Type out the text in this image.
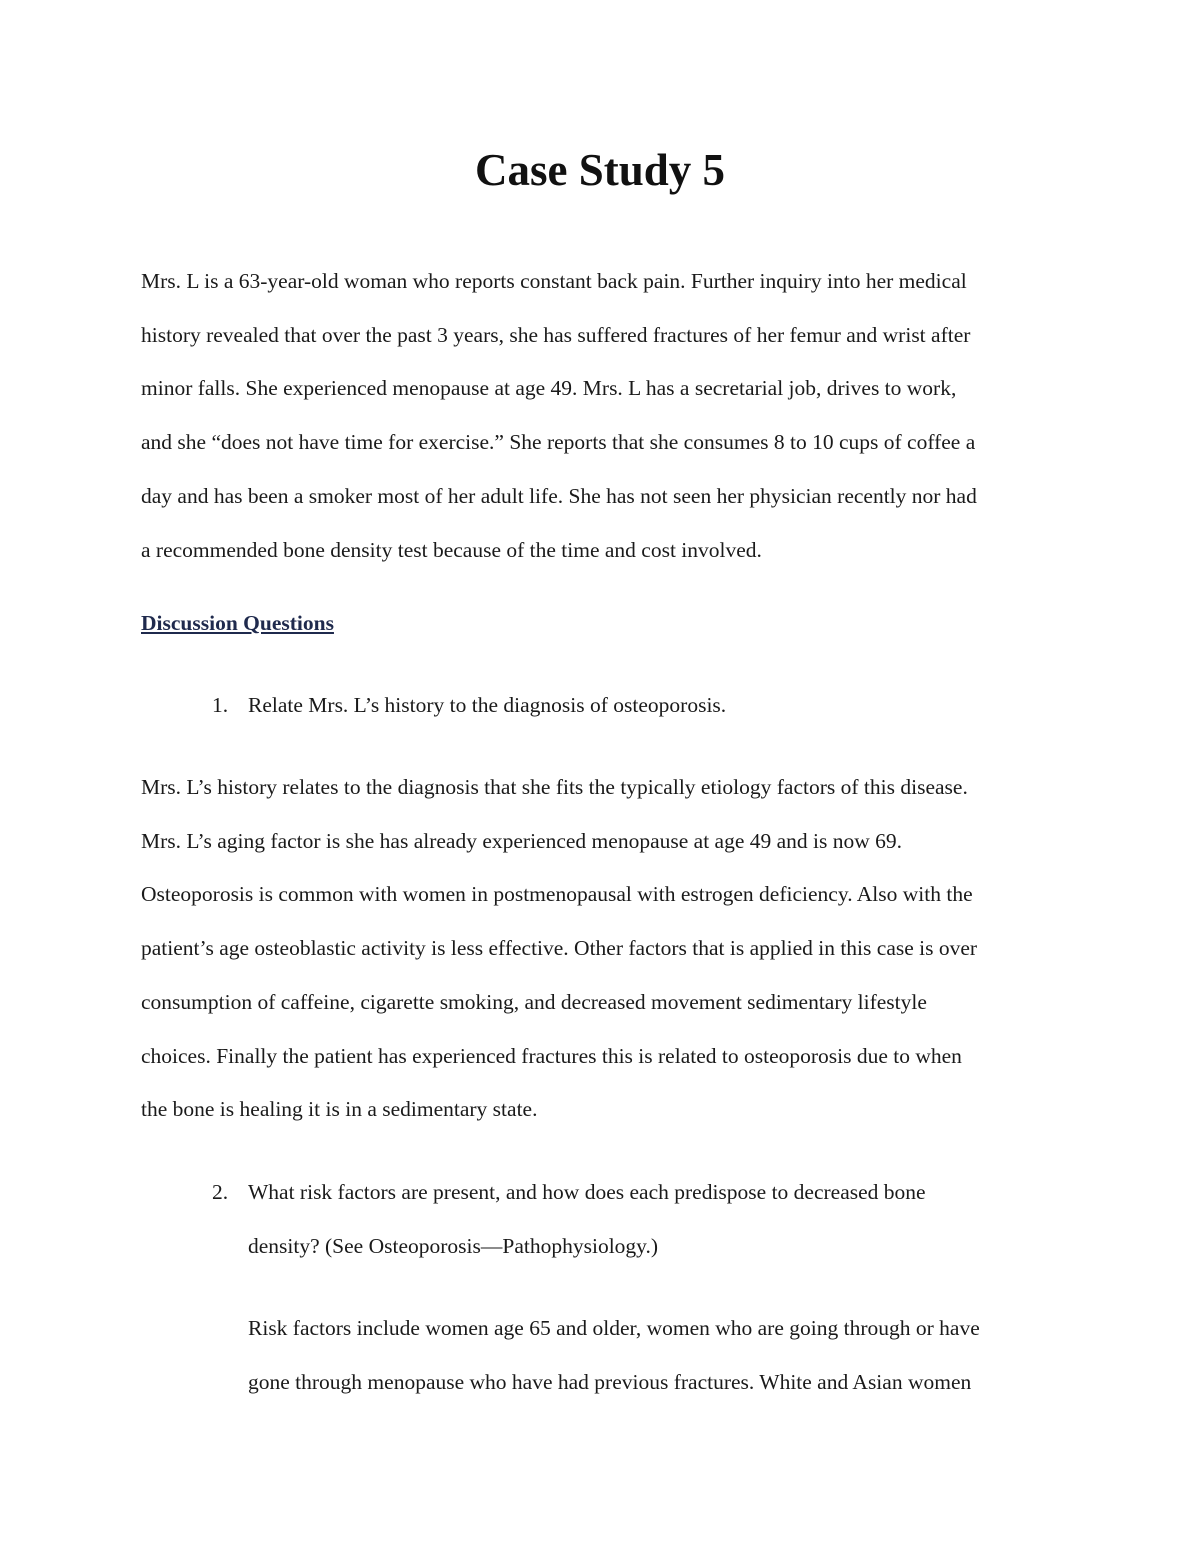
Case Study 5
Mrs. L is a 63-year-old woman who reports constant back pain. Further inquiry into her medical
history revealed that over the past 3 years, she has suffered fractures of her femur and wrist after
minor falls. She experienced menopause at age 49. Mrs. L has a secretarial job, drives to work,
and she “does not have time for exercise.” She reports that she consumes 8 to 10 cups of coffee a
day and has been a smoker most of her adult life. She has not seen her physician recently nor had
a recommended bone density test because of the time and cost involved.
Discussion Questions
1. Relate Mrs. L’s history to the diagnosis of osteoporosis.
Mrs. L’s history relates to the diagnosis that she fits the typically etiology factors of this disease.
Mrs. L’s aging factor is she has already experienced menopause at age 49 and is now 69.
Osteoporosis is common with women in postmenopausal with estrogen deficiency. Also with the
patient’s age osteoblastic activity is less effective. Other factors that is applied in this case is over
consumption of caffeine, cigarette smoking, and decreased movement sedimentary lifestyle
choices. Finally the patient has experienced fractures this is related to osteoporosis due to when
the bone is healing it is in a sedimentary state.
2. What risk factors are present, and how does each predispose to decreased bone
density? (See Osteoporosis—Pathophysiology.)
Risk factors include women age 65 and older, women who are going through or have
gone through menopause who have had previous fractures. White and Asian women
